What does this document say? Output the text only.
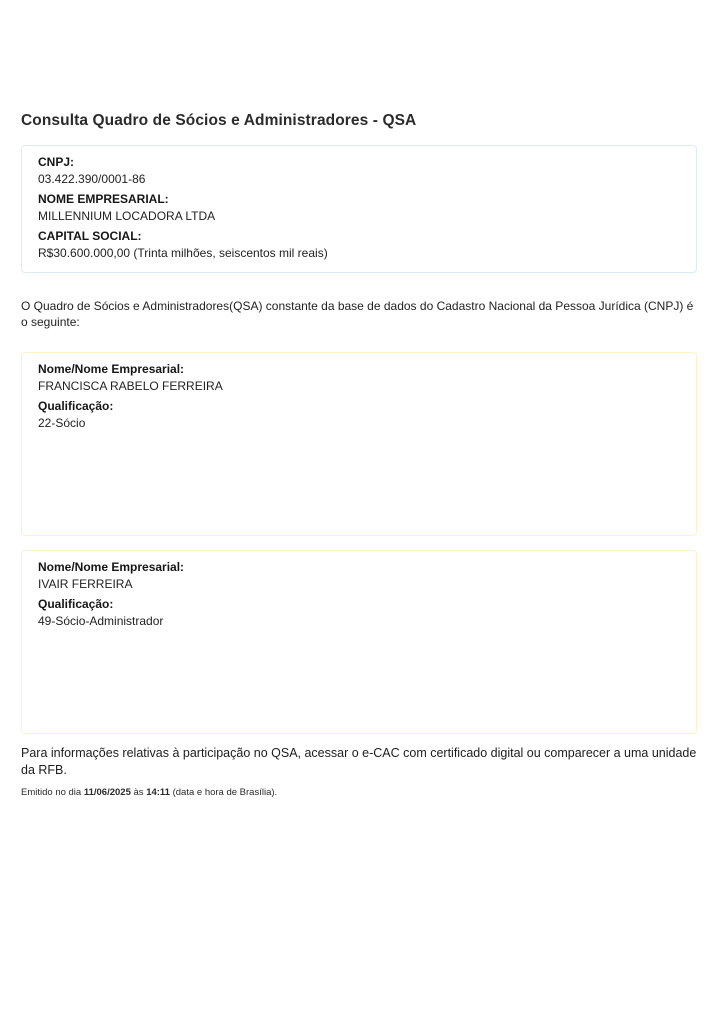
Consulta Quadro de Sócios e Administradores - QSA
CNPJ:
03.422.390/0001-86
NOME EMPRESARIAL:
MILLENNIUM LOCADORA LTDA
CAPITAL SOCIAL:
R$30.600.000,00 (Trinta milhões, seiscentos mil reais)

O Quadro de Sócios e Administradores(QSA) constante da base de dados do Cadastro Nacional da Pessoa Jurídica (CNPJ) é o seguinte:

Nome/Nome Empresarial:
FRANCISCA RABELO FERREIRA
Qualificação:
22-Sócio
Nome/Nome Empresarial:
IVAIR FERREIRA
Qualificação:
49-Sócio-Administrador

Para informações relativas à participação no QSA, acessar o e-CAC com certificado digital ou comparecer a uma unidade da RFB.

Emitido no dia 11/06/2025 às 14:11 (data e hora de Brasília).
